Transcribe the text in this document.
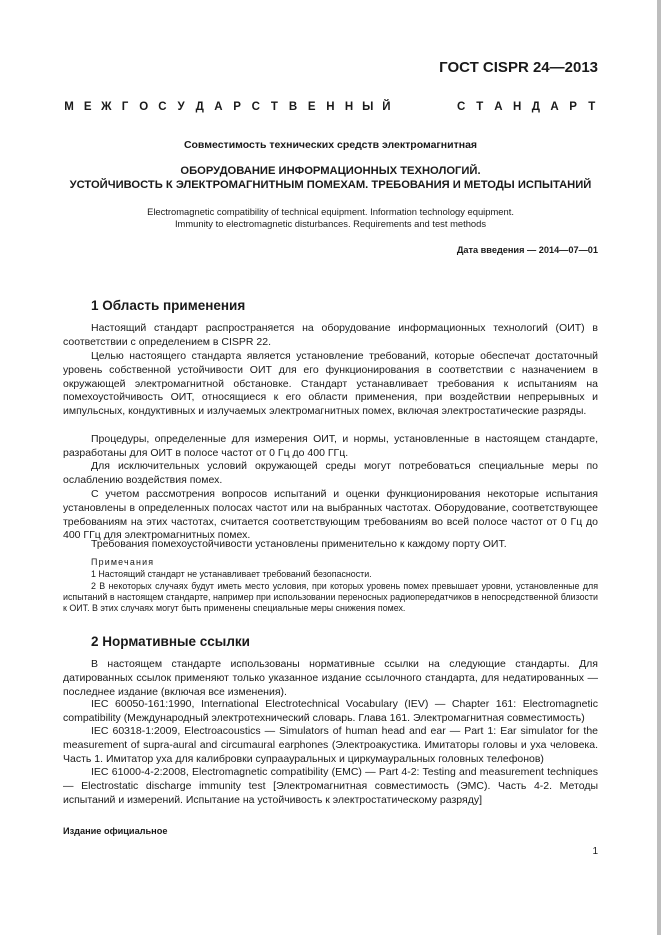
ГОСТ CISPR 24—2013
М Е Ж Г О С У Д А Р С Т В Е Н Н Ы Й	С Т А Н Д А Р Т
Совместимость технических средств электромагнитная
ОБОРУДОВАНИЕ ИНФОРМАЦИОННЫХ ТЕХНОЛОГИЙ.
УСТОЙЧИВОСТЬ К ЭЛЕКТРОМАГНИТНЫМ ПОМЕХАМ. ТРЕБОВАНИЯ И МЕТОДЫ ИСПЫТАНИЙ
Electromagnetic compatibility of technical equipment. Information technology equipment.
Immunity to electromagnetic disturbances. Requirements and test methods
Дата введения — 2014—07—01
1 Область применения
Настоящий стандарт распространяется на оборудование информационных технологий (ОИТ) в соответствии с определением в CISPR 22.
Целью настоящего стандарта является установление требований, которые обеспечат достаточный уровень собственной устойчивости ОИТ для его функционирования в соответствии с назначением в окружающей электромагнитной обстановке. Стандарт устанавливает требования к испытаниям на помехоустойчивость ОИТ, относящиеся к его области применения, при воздействии непрерывных и импульсных, кондуктивных и излучаемых электромагнитных помех, включая электростатические разряды.
Процедуры, определенные для измерения ОИТ, и нормы, установленные в настоящем стандарте, разработаны для ОИТ в полосе частот от 0 Гц до 400 ГГц.
Для исключительных условий окружающей среды могут потребоваться специальные меры по ослаблению воздействия помех.
С учетом рассмотрения вопросов испытаний и оценки функционирования некоторые испытания установлены в определенных полосах частот или на выбранных частотах. Оборудование, соответствующее требованиям на этих частотах, считается соответствующим требованиям во всей полосе частот от 0 Гц до 400 ГГц для электромагнитных помех.
Требования помехоустойчивости установлены применительно к каждому порту ОИТ.
Примечания
1 Настоящий стандарт не устанавливает требований безопасности.
2 В некоторых случаях будут иметь место условия, при которых уровень помех превышает уровни, установленные для испытаний в настоящем стандарте, например при использовании переносных радиопередатчиков в непосредственной близости к ОИТ. В этих случаях могут быть применены специальные меры снижения помех.
2 Нормативные ссылки
В настоящем стандарте использованы нормативные ссылки на следующие стандарты. Для датированных ссылок применяют только указанное издание ссылочного стандарта, для недатированных — последнее издание (включая все изменения).
IEC 60050-161:1990, International Electrotechnical Vocabulary (IEV) — Chapter 161: Electromagnetic compatibility (Международный электротехнический словарь. Глава 161. Электромагнитная совместимость)
IEC 60318-1:2009, Electroacoustics — Simulators of human head and ear — Part 1: Ear simulator for the measurement of supra-aural and circumaural earphones (Электроакустика. Имитаторы головы и уха человека. Часть 1. Имитатор уха для калибровки супраауральных и циркумауральных головных телефонов)
IEC 61000-4-2:2008, Electromagnetic compatibility (EMC) — Part 4-2: Testing and measurement techniques — Electrostatic discharge immunity test [Электромагнитная совместимость (ЭМС). Часть 4-2. Методы испытаний и измерений. Испытание на устойчивость к электростатическому разряду]
Издание официальное
1
